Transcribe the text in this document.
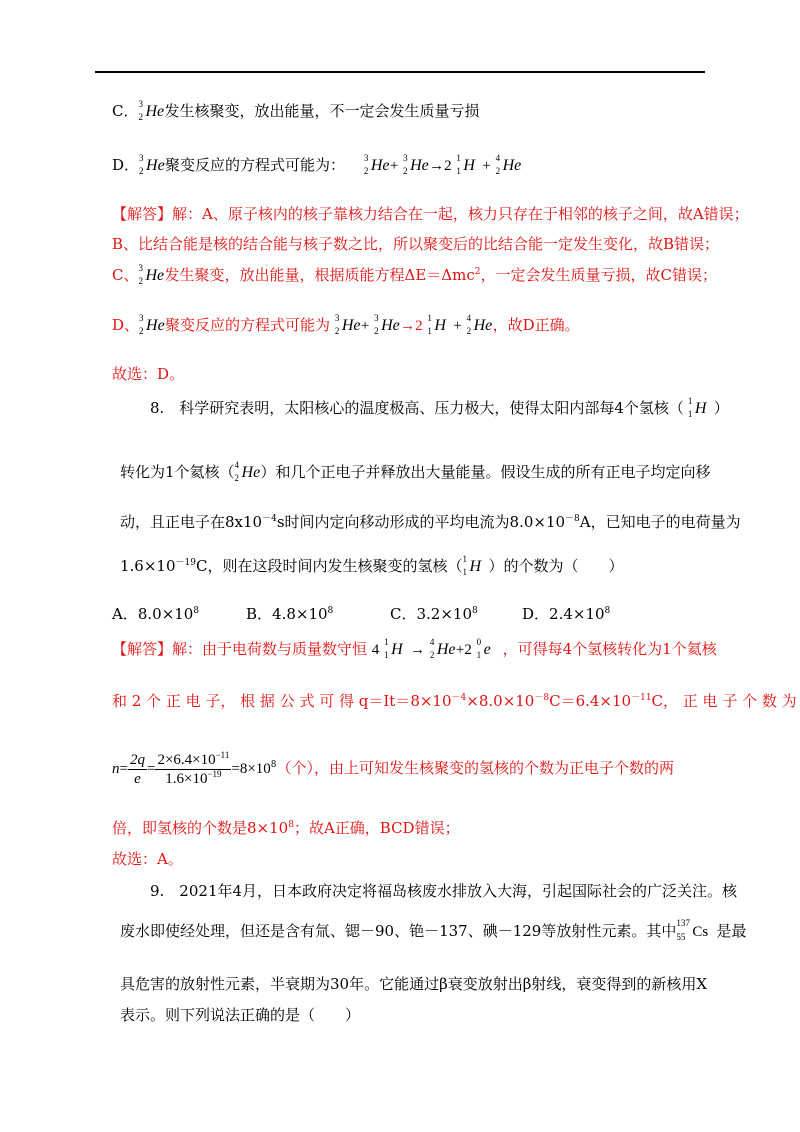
C． 3
2 He 发生核聚变，放出能量，不一定会发生质量亏损
D． 3
2 He 聚变反应的方程式可能为： 3
2 He + 3
2 He →2 1
1 H + 4
2 He
【解答】解：A、原子核内的核子靠核力结合在一起，核力只存在于相邻的核子之间，故A错误；
B、比结合能是核的结合能与核子数之比，所以聚变后的比结合能一定发生变化，故B错误；
C、 3
2 He 发生聚变，放出能量，根据质能方程ΔE＝Δmc$^2$，一定会发生质量亏损，故C错误；
D、 3
2 He 聚变反应的方程式可能为 3
2 He + 3
2 He →2 1
1 H + 4
2 He ，故D正确。
故选：D。
8.　科学研究表明，太阳核心的温度极高、压力极大，使得太阳内部每4个氢核（ 1
1 H ）
转化为1个氦核（ 4
2 He ）和几个正电子并释放出大量能量。假设生成的所有正电子均定向移
动，且正电子在$8x10^{-4}s$时间内定向移动形成的平均电流为$8.0\times 10^{-8}A$，已知电子的电荷量为
$1.6\times 10^{-19}C$，则在这段时间内发生核聚变的氢核（ 1
1 H ）的个数为（　　）
A．$8.0\times 10^8$	B．$4.8\times 10^8$	C．$3.2\times 10^8$	D．$2.4\times 10^8$
【解答】解：由于电荷数与质量数守恒 4 1
1 H → 4
2 He +2 0
1 e ，可得每4个氢核转化为1个氦核
和 2 个 正 电 子， 根 据 公 式 可 得 $q=It=8\times 10^{-4}\times 8.0\times 10^{-8}C=6.4\times 10^{-11}C$， 正 电 子 个 数 为
$n= \frac{2q}{e} = \frac{2\times 6.4\times 10^{-11}}{1.6\times 10^{-19}} =8\times 10^8$（个），由上可知发生核聚变的氢核的个数为正电子个数的两
倍，即氢核的个数是$8\times 10^8$；故A正确，BCD错误；
故选：A。
9.　2021年4月，日本政府决定将福岛核废水排放入大海，引起国际社会的广泛关注。核
废水即使经处理，但还是含有氚、锶－90、铯－137、碘－129等放射性元素。其中 137
55 Cs 是最
具危害的放射性元素，半衰期为30年。它能通过β衰变放射出β射线，衰变得到的新核用X
表示。则下列说法正确的是（　　）
